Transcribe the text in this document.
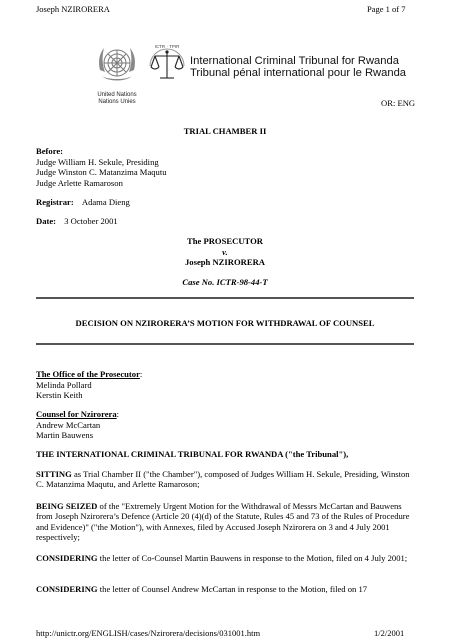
Joseph NZIRORERA	Page 1 of 7
United Nations
Nations Unies
ICTR · TPIR
International Criminal Tribunal for Rwanda
Tribunal pénal international pour le Rwanda
OR: ENG
TRIAL CHAMBER II
Before:
Judge William H. Sekule, Presiding
Judge Winston C. Matanzima Maqutu
Judge Arlette Ramaroson
Registrar: Adama Dieng
Date: 3 October 2001
The PROSECUTOR
v.
Joseph NZIRORERA
Case No. ICTR-98-44-T
DECISION ON NZIRORERA’S MOTION FOR WITHDRAWAL OF COUNSEL
The Office of the Prosecutor:
Melinda Pollard
Kerstin Keith
Counsel for Nzirorera:
Andrew McCartan
Martin Bauwens
THE INTERNATIONAL CRIMINAL TRIBUNAL FOR RWANDA ("the Tribunal"),
SITTING as Trial Chamber II ("the Chamber"), composed of Judges William H. Sekule, Presiding, Winston C. Matanzima Maqutu, and Arlette Ramaroson;
BEING SEIZED of the "Extremely Urgent Motion for the Withdrawal of Messrs McCartan and Bauwens from Joseph Nzirorera’s Defence (Article 20 (4)(d) of the Statute, Rules 45 and 73 of the Rules of Procedure and Evidence)" ("the Motion"), with Annexes, filed by Accused Joseph Nzirorera on 3 and 4 July 2001 respectively;
CONSIDERING the letter of Co-Counsel Martin Bauwens in response to the Motion, filed on 4 July 2001;
CONSIDERING the letter of Counsel Andrew McCartan in response to the Motion, filed on 17
http://unictr.org/ENGLISH/cases/Nzirorera/decisions/031001.htm	1/2/2001
